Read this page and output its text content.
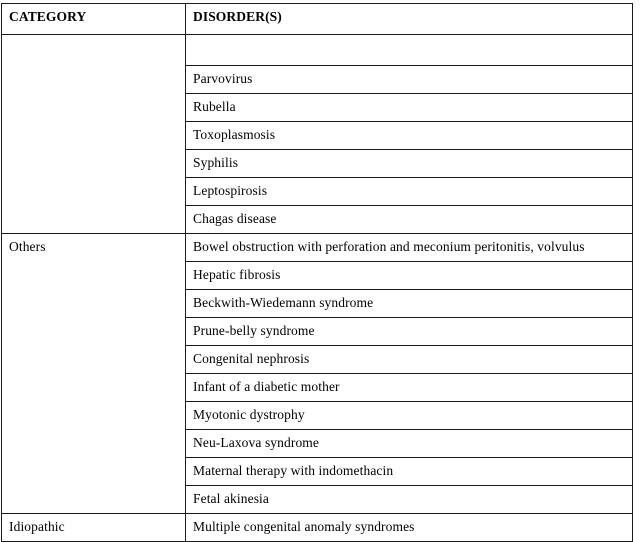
CATEGORY	DISORDER(S)

	Parvovirus
	Rubella
	Toxoplasmosis
	Syphilis
	Leptospirosis
	Chagas disease
Others	Bowel obstruction with perforation and meconium peritonitis, volvulus
	Hepatic fibrosis
	Beckwith-Wiedemann syndrome
	Prune-belly syndrome
	Congenital nephrosis
	Infant of a diabetic mother
	Myotonic dystrophy
	Neu-Laxova syndrome
	Maternal therapy with indomethacin
	Fetal akinesia
Idiopathic	Multiple congenital anomaly syndromes
